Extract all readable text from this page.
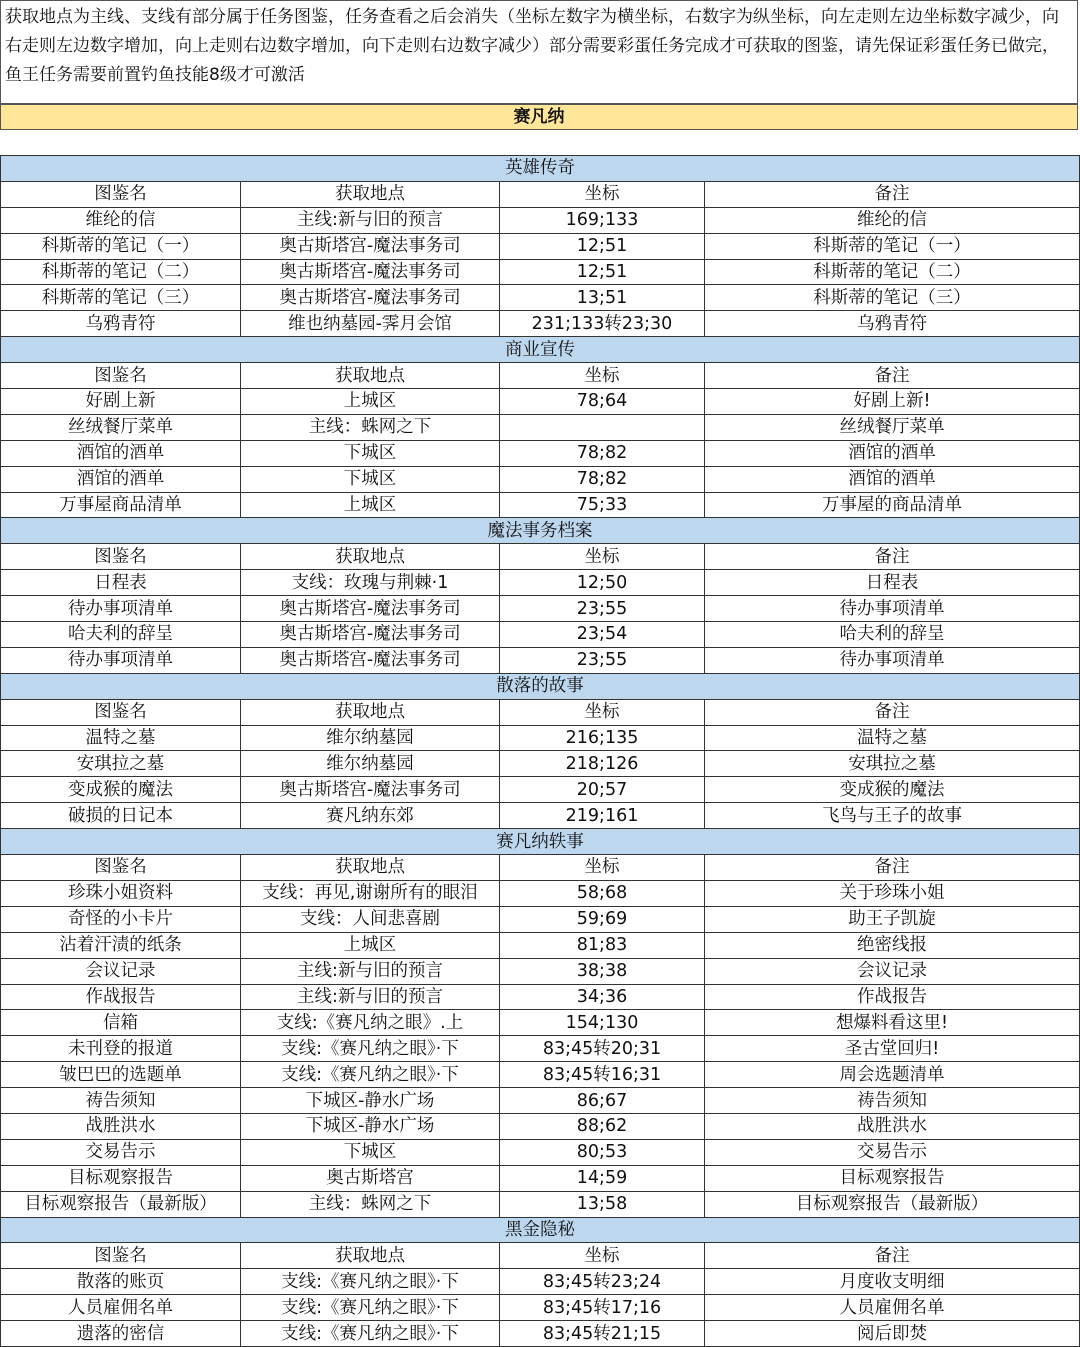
获取地点为主线、支线有部分属于任务图鉴，任务查看之后会消失（坐标左数字为横坐标，右数字为纵坐标，向左走则左边坐标数字减少，向右走则左边数字增加，向上走则右边数字增加，向下走则右边数字减少）部分需要彩蛋任务完成才可获取的图鉴，请先保证彩蛋任务已做完，鱼王任务需要前置钓鱼技能8级才可激活
赛凡纳
英雄传奇			
图鉴名	获取地点	坐标	备注
维纶的信	主线:新与旧的预言	169;133	维纶的信
科斯蒂的笔记（一）	奥古斯塔宫-魔法事务司	12;51	科斯蒂的笔记（一）
科斯蒂的笔记（二）	奥古斯塔宫-魔法事务司	12;51	科斯蒂的笔记（二）
科斯蒂的笔记（三）	奥古斯塔宫-魔法事务司	13;51	科斯蒂的笔记（三）
乌鸦青符	维也纳墓园-霁月会馆	231;133转23;30	乌鸦青符
商业宣传			
图鉴名	获取地点	坐标	备注
好剧上新	上城区	78;64	好剧上新!
丝绒餐厅菜单	主线：蛛网之下		丝绒餐厅菜单
酒馆的酒单	下城区	78;82	酒馆的酒单
酒馆的酒单	下城区	78;82	酒馆的酒单
万事屋商品清单	上城区	75;33	万事屋的商品清单
魔法事务档案			
图鉴名	获取地点	坐标	备注
日程表	支线：玫瑰与荆棘·1	12;50	日程表
待办事项清单	奥古斯塔宫-魔法事务司	23;55	待办事项清单
哈夫利的辞呈	奥古斯塔宫-魔法事务司	23;54	哈夫利的辞呈
待办事项清单	奥古斯塔宫-魔法事务司	23;55	待办事项清单
散落的故事			
图鉴名	获取地点	坐标	备注
温特之墓	维尔纳墓园	216;135	温特之墓
安琪拉之墓	维尔纳墓园	218;126	安琪拉之墓
变成猴的魔法	奥古斯塔宫-魔法事务司	20;57	变成猴的魔法
破损的日记本	赛凡纳东郊	219;161	飞鸟与王子的故事
赛凡纳轶事			
图鉴名	获取地点	坐标	备注
珍珠小姐资料	支线：再见,谢谢所有的眼泪	58;68	关于珍珠小姐
奇怪的小卡片	支线：人间悲喜剧	59;69	助王子凯旋
沾着汗渍的纸条	上城区	81;83	绝密线报
会议记录	主线:新与旧的预言	38;38	会议记录
作战报告	主线:新与旧的预言	34;36	作战报告
信箱	支线:《赛凡纳之眼》.上	154;130	想爆料看这里!
未刊登的报道	支线:《赛凡纳之眼》·下	83;45转20;31	圣古堂回归!
皱巴巴的选题单	支线:《赛凡纳之眼》·下	83;45转16;31	周会选题清单
祷告须知	下城区-静水广场	86;67	祷告须知
战胜洪水	下城区-静水广场	88;62	战胜洪水
交易告示	下城区	80;53	交易告示
目标观察报告	奥古斯塔宫	14;59	目标观察报告
目标观察报告（最新版）	主线：蛛网之下	13;58	目标观察报告（最新版）
黑金隐秘			
图鉴名	获取地点	坐标	备注
散落的账页	支线:《赛凡纳之眼》·下	83;45转23;24	月度收支明细
人员雇佣名单	支线:《赛凡纳之眼》·下	83;45转17;16	人员雇佣名单
遗落的密信	支线:《赛凡纳之眼》·下	83;45转21;15	阅后即焚
